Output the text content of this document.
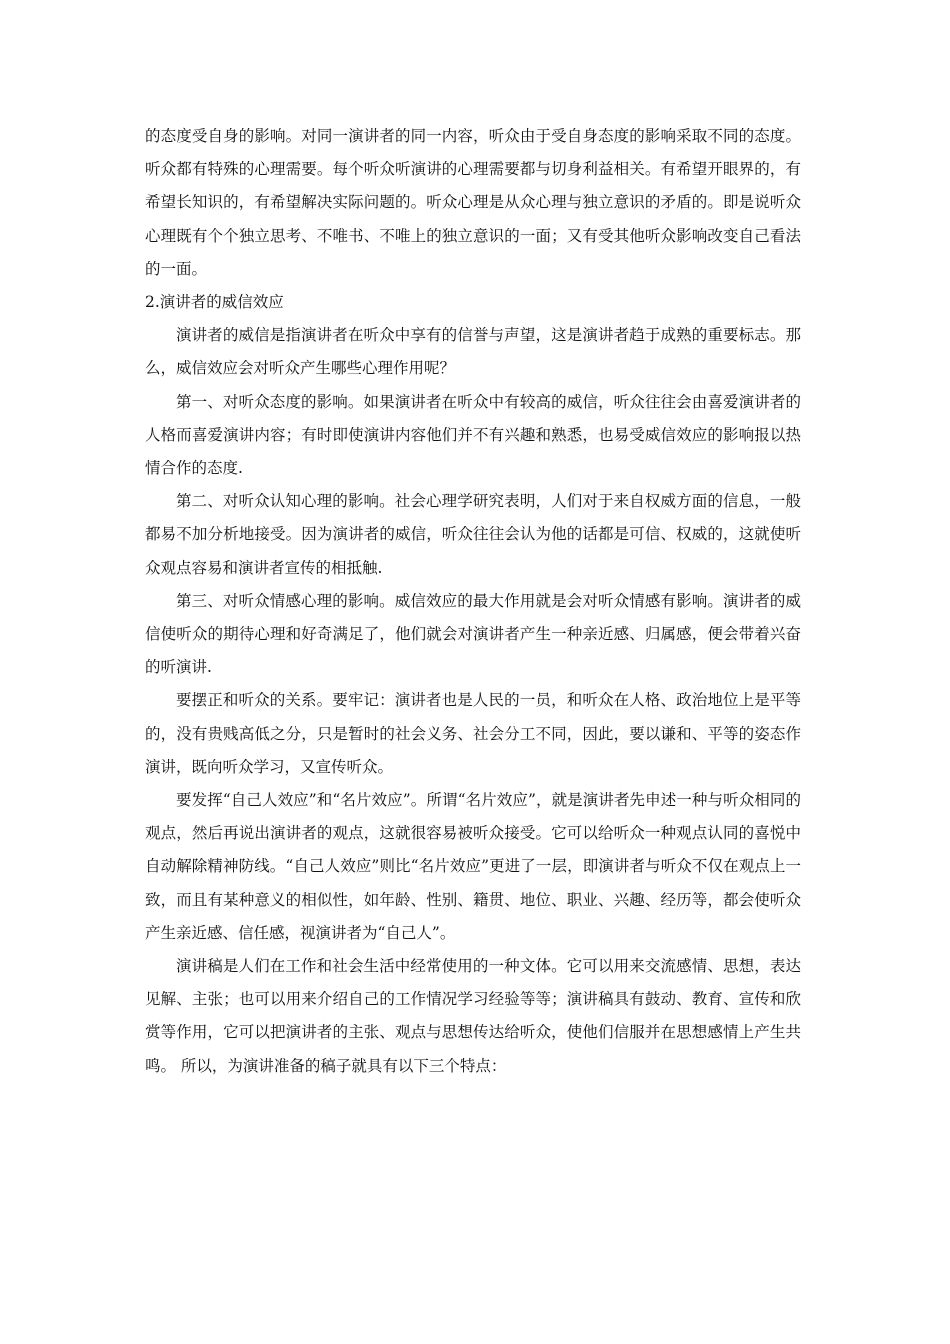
的态度受自身的影响。对同一演讲者的同一内容，听众由于受自身态度的影响采取不同的态度。听众都有特殊的心理需要。每个听众听演讲的心理需要都与切身利益相关。有希望开眼界的，有希望长知识的，有希望解决实际问题的。听众心理是从众心理与独立意识的矛盾的。即是说听众心理既有个个独立思考、不唯书、不唯上的独立意识的一面；又有受其他听众影响改变自己看法的一面。

2.演讲者的威信效应

演讲者的威信是指演讲者在听众中享有的信誉与声望，这是演讲者趋于成熟的重要标志。那么，威信效应会对听众产生哪些心理作用呢？

第一、对听众态度的影响。如果演讲者在听众中有较高的威信，听众往往会由喜爱演讲者的人格而喜爱演讲内容；有时即使演讲内容他们并不有兴趣和熟悉，也易受威信效应的影响报以热情合作的态度.

第二、对听众认知心理的影响。社会心理学研究表明，人们对于来自权威方面的信息，一般都易不加分析地接受。因为演讲者的威信，听众往往会认为他的话都是可信、权威的，这就使听众观点容易和演讲者宣传的相抵触.

第三、对听众情感心理的影响。威信效应的最大作用就是会对听众情感有影响。演讲者的威信使听众的期待心理和好奇满足了，他们就会对演讲者产生一种亲近感、归属感，便会带着兴奋的听演讲.

要摆正和听众的关系。要牢记：演讲者也是人民的一员，和听众在人格、政治地位上是平等的，没有贵贱高低之分，只是暂时的社会义务、社会分工不同，因此，要以谦和、平等的姿态作演讲，既向听众学习，又宣传听众。

要发挥“自己人效应”和“名片效应”。所谓“名片效应”，就是演讲者先申述一种与听众相同的观点，然后再说出演讲者的观点，这就很容易被听众接受。它可以给听众一种观点认同的喜悦中自动解除精神防线。“自己人效应”则比“名片效应”更进了一层，即演讲者与听众不仅在观点上一致，而且有某种意义的相似性，如年龄、性别、籍贯、地位、职业、兴趣、经历等，都会使听众产生亲近感、信任感，视演讲者为“自己人”。

演讲稿是人们在工作和社会生活中经常使用的一种文体。它可以用来交流感情、思想，表达见解、主张；也可以用来介绍自己的工作情况学习经验等等；演讲稿具有鼓动、教育、宣传和欣赏等作用，它可以把演讲者的主张、观点与思想传达给听众，使他们信服并在思想感情上产生共鸣。 所以，为演讲准备的稿子就具有以下三个特点：
